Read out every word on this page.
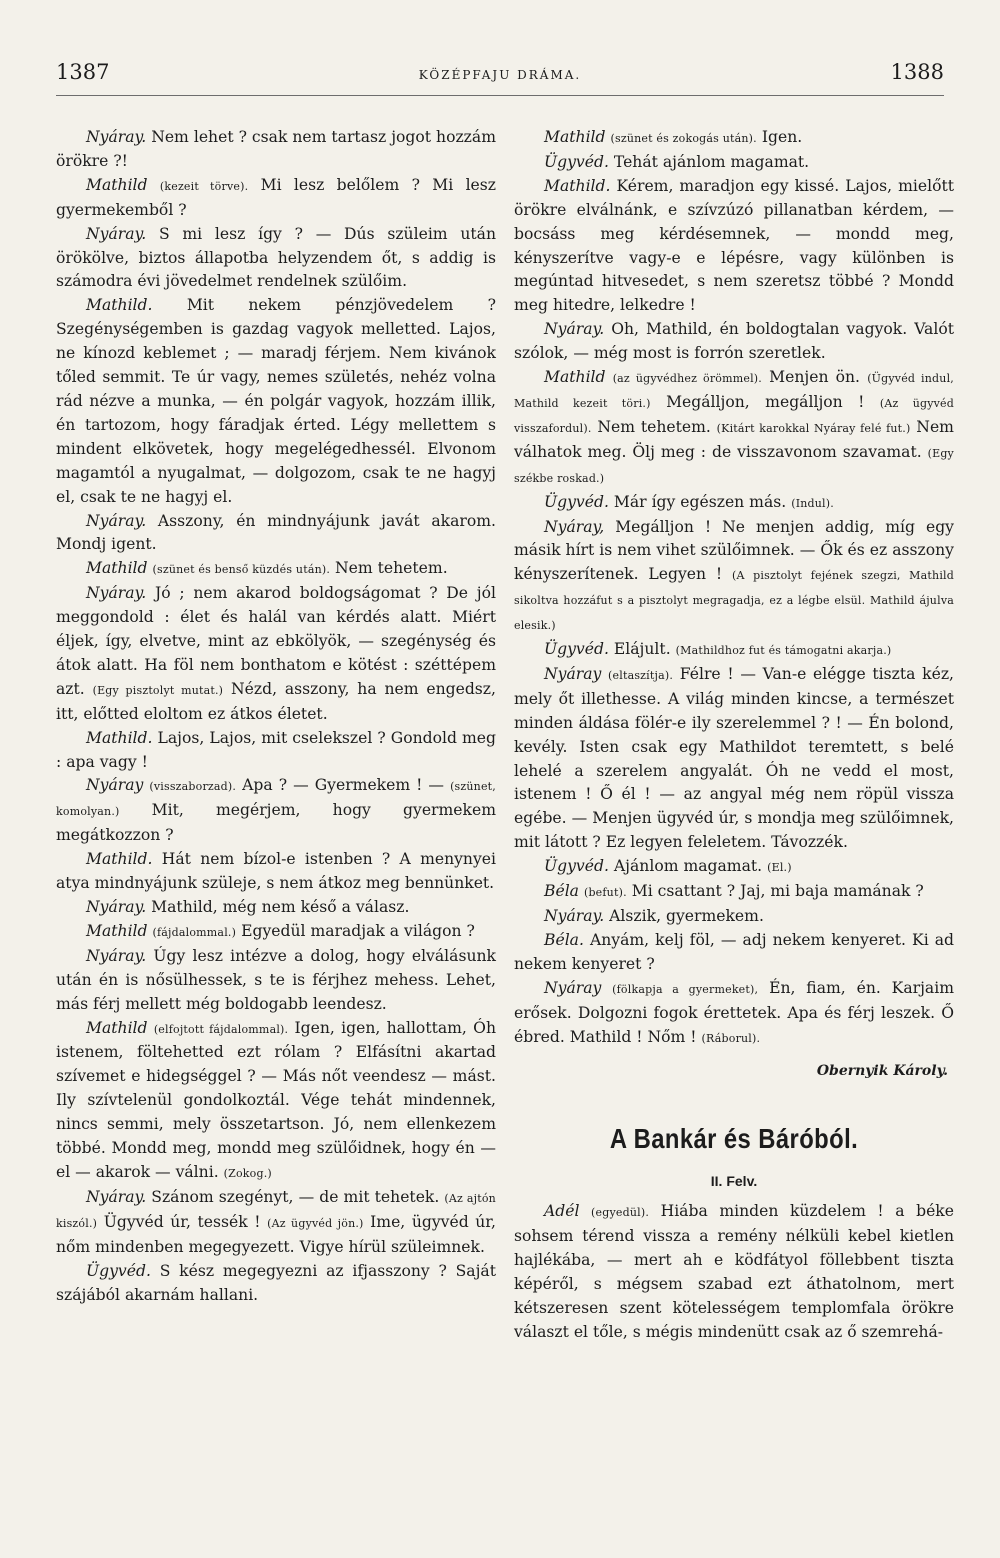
1387	KÖZÉPFAJU DRÁMA.	1388

Nyáray. Nem lehet ? csak nem tartasz jogot hozzám örökre ?!

Mathild (kezeit törve). Mi lesz belőlem ? Mi lesz gyermekemből ?

Nyáray. S mi lesz így ? — Dús szüleim után örökölve, biztos állapotba helyzendem őt, s addig is számodra évi jövedelmet rendelnek szülőim.

Mathild. Mit nekem pénzjövedelem ? Szegénységemben is gazdag vagyok melletted. Lajos, ne kínozd keblemet ; — maradj férjem. Nem kivánok tőled semmit. Te úr vagy, nemes születés, nehéz volna rád nézve a munka, — én polgár vagyok, hozzám illik, én tartozom, hogy fáradjak érted. Légy mellettem s mindent elkövetek, hogy megelégedhessél. Elvonom magamtól a nyugalmat, — dolgozom, csak te ne hagyj el, csak te ne hagyj el.

Nyáray. Asszony, én mindnyájunk javát akarom. Mondj igent.

Mathild (szünet és benső küzdés után). Nem tehetem.

Nyáray. Jó ; nem akarod boldogságomat ? De jól meggondold : élet és halál van kérdés alatt. Miért éljek, így, elvetve, mint az ebkölyök, — szegénység és átok alatt. Ha föl nem bonthatom e kötést : széttépem azt. (Egy pisztolyt mutat.) Nézd, asszony, ha nem engedsz, itt, előtted eloltom ez átkos életet.

Mathild. Lajos, Lajos, mit cselekszel ? Gondold meg : apa vagy !

Nyáray (visszaborzad). Apa ? — Gyermekem ! — (szünet, komolyan.) Mit, megérjem, hogy gyermekem megátkozzon ?

Mathild. Hát nem bízol-e istenben ? A menynyei atya mindnyájunk szüleje, s nem átkoz meg bennünket.

Nyáray. Mathild, még nem késő a válasz.

Mathild (fájdalommal.) Egyedül maradjak a világon ?

Nyáray. Úgy lesz intézve a dolog, hogy elválásunk után én is nősülhessek, s te is férjhez mehess. Lehet, más férj mellett még boldogabb leendesz.

Mathild (elfojtott fájdalommal). Igen, igen, hallottam, Óh istenem, föltehetted ezt rólam ? Elfásítni akartad szívemet e hidegséggel ? — Más nőt veendesz — mást. Ily szívtelenül gondolkoztál. Vége tehát mindennek, nincs semmi, mely összetartson. Jó, nem ellenkezem többé. Mondd meg, mondd meg szülőidnek, hogy én — el — akarok — válni. (Zokog.)

Nyáray. Szánom szegényt, — de mit tehetek. (Az ajtón kiszól.) Ügyvéd úr, tessék ! (Az ügyvéd jön.) Ime, ügyvéd úr, nőm mindenben megegyezett. Vigye hírül szüleimnek.

Ügyvéd. S kész megegyezni az ifjasszony ? Saját szájából akarnám hallani.

Mathild (szünet és zokogás után). Igen.

Ügyvéd. Tehát ajánlom magamat.

Mathild. Kérem, maradjon egy kissé. Lajos, mielőtt örökre elválnánk, e szívzúzó pillanatban kérdem, — bocsáss meg kérdésemnek, — mondd meg, kényszerítve vagy-e e lépésre, vagy különben is megúntad hitvesedet, s nem szeretsz többé ? Mondd meg hitedre, lelkedre !

Nyáray. Oh, Mathild, én boldogtalan vagyok. Valót szólok, — még most is forrón szeretlek.

Mathild (az ügyvédhez örömmel). Menjen ön. (Ügyvéd indul, Mathild kezeit töri.) Megálljon, megálljon ! (Az ügyvéd visszafordul). Nem tehetem. (Kitárt karokkal Nyáray felé fut.) Nem válhatok meg. Ölj meg : de visszavonom szavamat. (Egy székbe roskad.)

Ügyvéd. Már így egészen más. (Indul).

Nyáray, Megálljon ! Ne menjen addig, míg egy másik hírt is nem vihet szülőimnek. — Ők és ez asszony kényszerítenek. Legyen ! (A pisztolyt fejének szegzi, Mathild sikoltva hozzáfut s a pisztolyt megragadja, ez a légbe elsül. Mathild ájulva elesik.)

Ügyvéd. Elájult. (Mathildhoz fut és támogatni akarja.)

Nyáray (eltaszítja). Félre ! — Van-e elégge tiszta kéz, mely őt illethesse. A világ minden kincse, a természet minden áldása fölér-e ily szerelemmel ? ! — Én bolond, kevély. Isten csak egy Mathildot teremtett, s belé lehelé a szerelem angyalát. Óh ne vedd el most, istenem ! Ő él ! — az angyal még nem röpül vissza egébe. — Menjen ügyvéd úr, s mondja meg szülőimnek, mit látott ? Ez legyen feleletem. Távozzék.

Ügyvéd. Ajánlom magamat. (El.)

Béla (befut). Mi csattant ? Jaj, mi baja mamának ?

Nyáray. Alszik, gyermekem.

Béla. Anyám, kelj föl, — adj nekem kenyeret. Ki ad nekem kenyeret ?

Nyáray (fölkapja a gyermeket), Én, fiam, én. Karjaim erősek. Dolgozni fogok érettetek. Apa és férj leszek. Ő ébred. Mathild ! Nőm ! (Ráborul).

Obernyik Károly.
A Bankár és Báróból.
II. Felv.

Adél (egyedül). Hiába minden küzdelem ! a béke sohsem térend vissza a remény nélküli kebel kietlen hajlékába, — mert ah e ködfátyol föllebbent tiszta képéről, s mégsem szabad ezt áthatolnom, mert kétszeresen szent kötelességem templomfala örökre választ el tőle, s mégis mindenütt csak az ő szemrehá-
